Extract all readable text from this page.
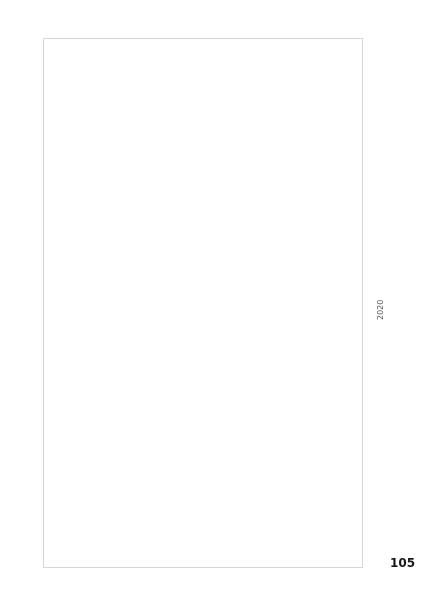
2020
105
